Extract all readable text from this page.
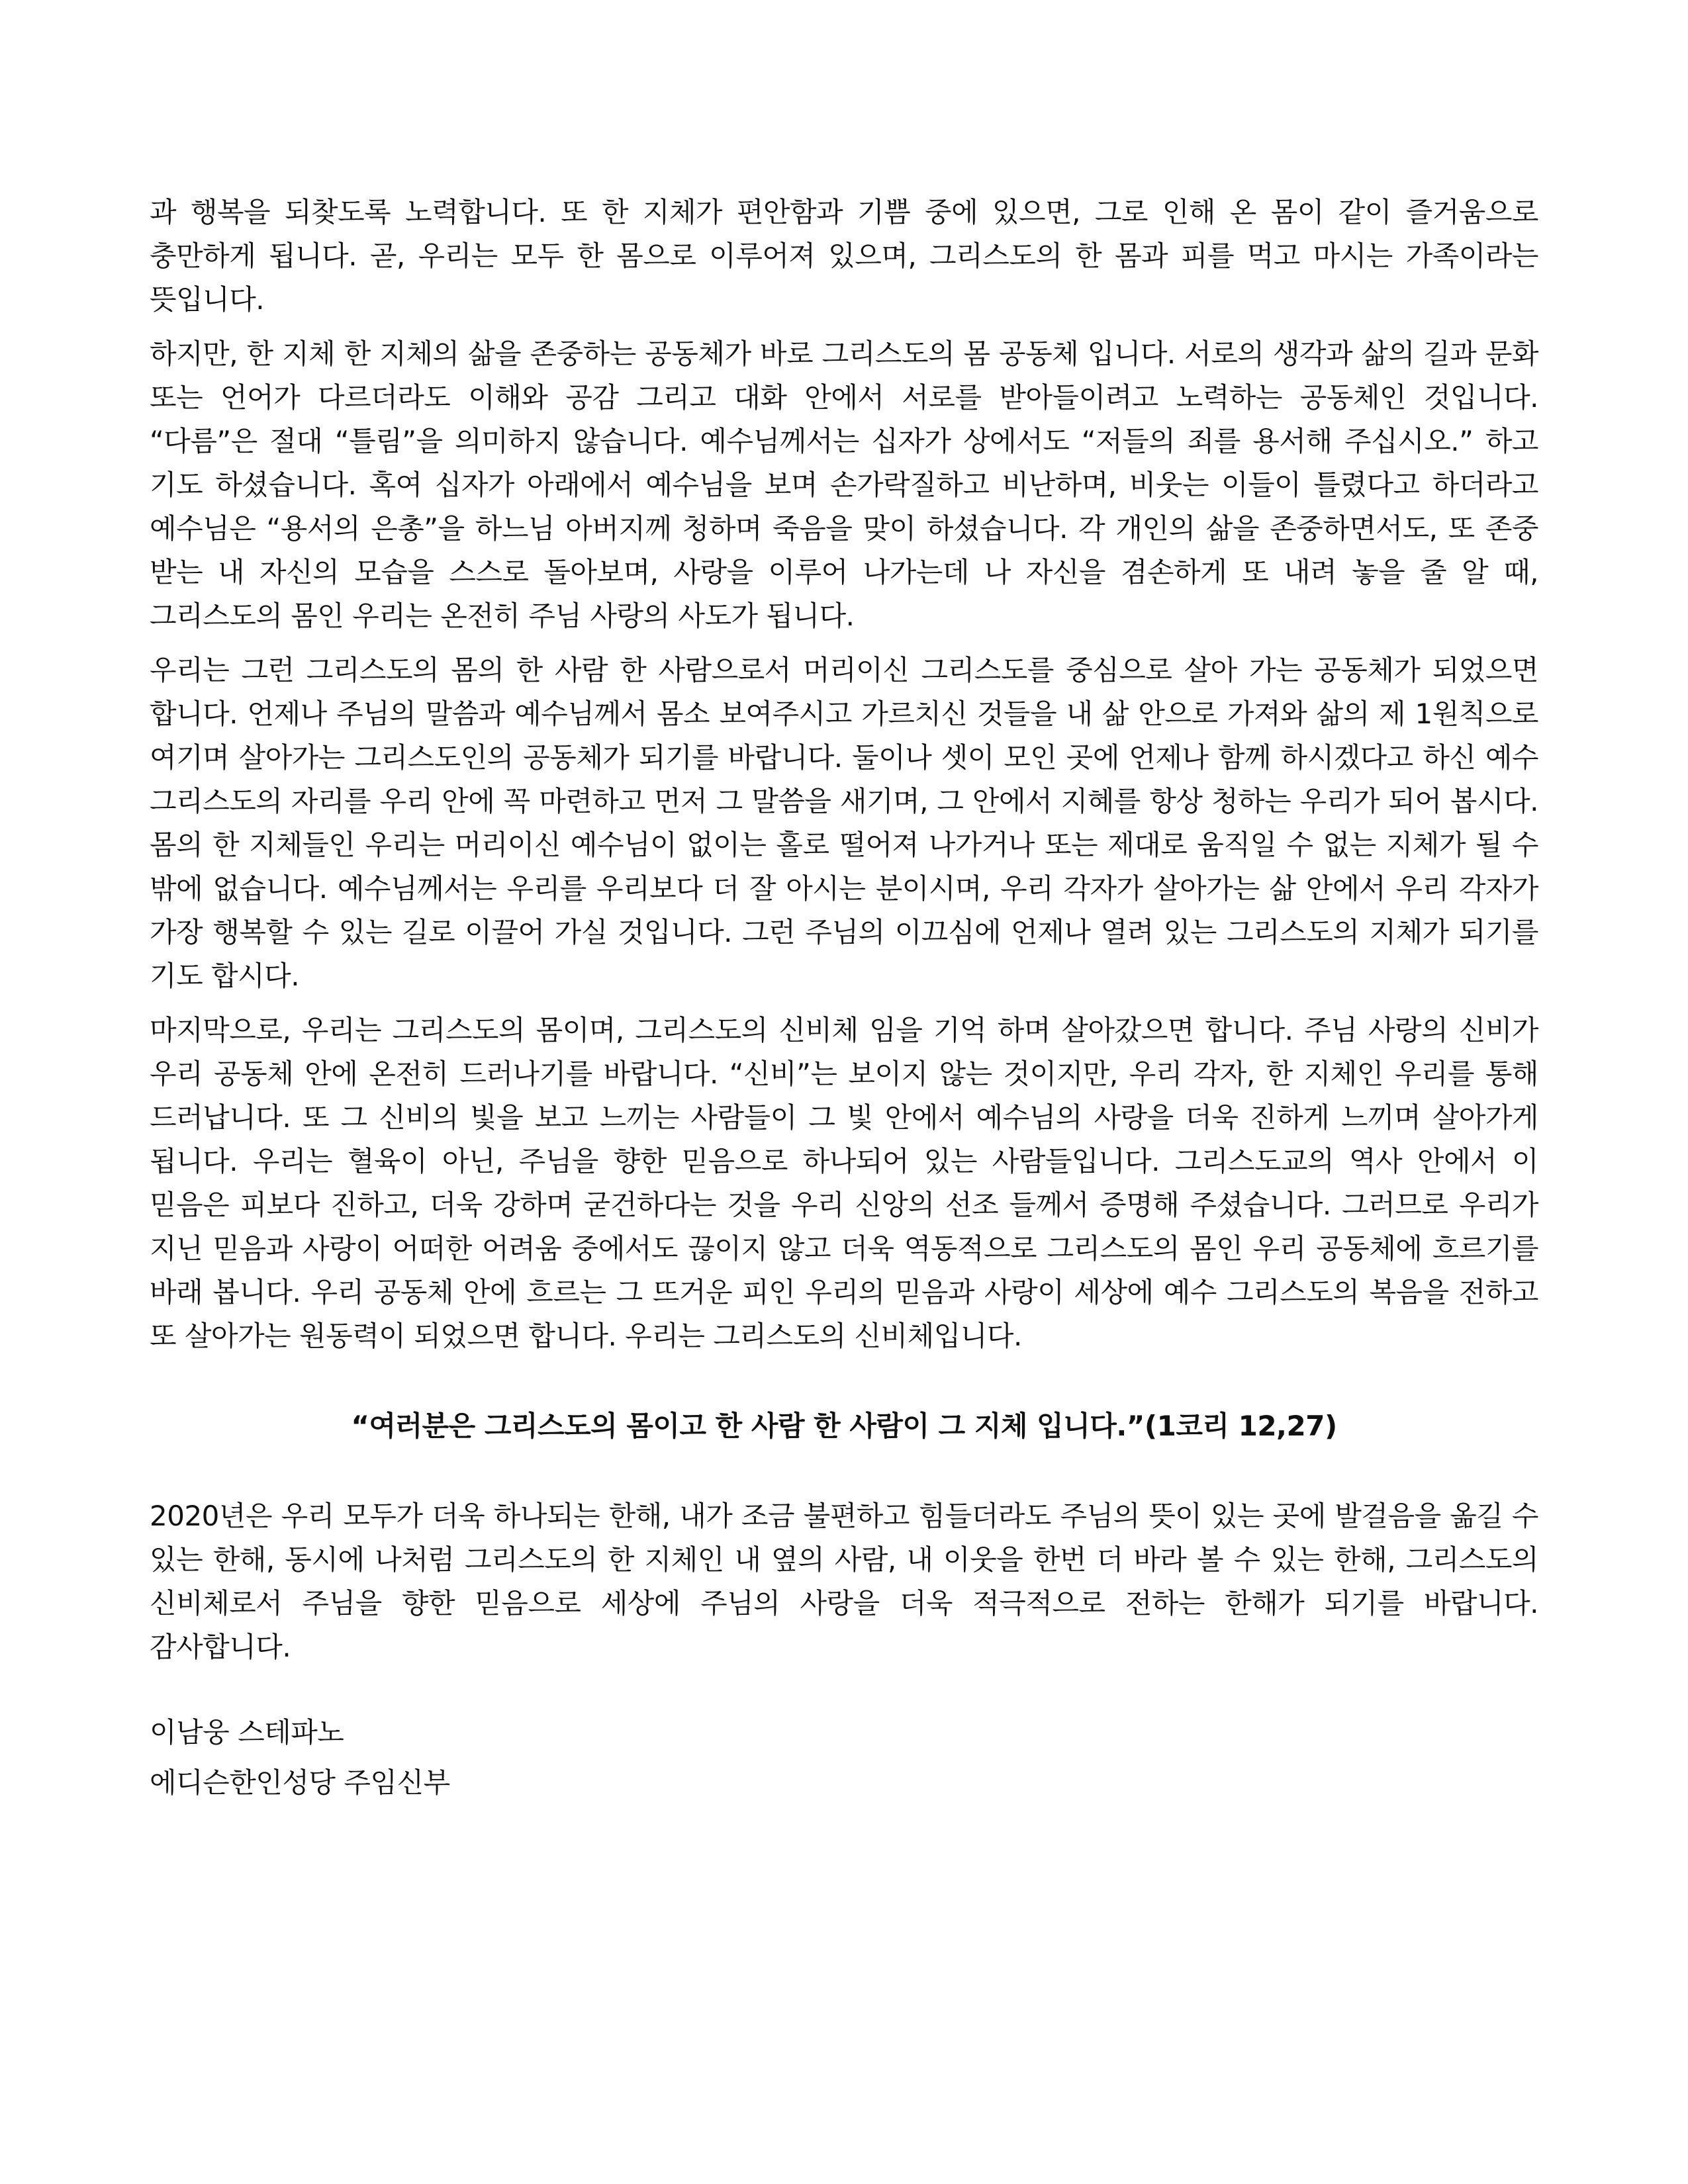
과 행복을 되찾도록 노력합니다. 또 한 지체가 편안함과 기쁨 중에 있으면, 그로 인해 온 몸이 같이 즐거움으로 충만하게 됩니다. 곧, 우리는 모두 한 몸으로 이루어져 있으며, 그리스도의 한 몸과 피를 먹고 마시는 가족이라는 뜻입니다.

하지만, 한 지체 한 지체의 삶을 존중하는 공동체가 바로 그리스도의 몸 공동체 입니다. 서로의 생각과 삶의 길과 문화 또는 언어가 다르더라도 이해와 공감 그리고 대화 안에서 서로를 받아들이려고 노력하는 공동체인 것입니다. “다름”은 절대 “틀림”을 의미하지 않습니다. 예수님께서는 십자가 상에서도 “저들의 죄를 용서해 주십시오.” 하고 기도 하셨습니다. 혹여 십자가 아래에서 예수님을 보며 손가락질하고 비난하며, 비웃는 이들이 틀렸다고 하더라고 예수님은 “용서의 은총”을 하느님 아버지께 청하며 죽음을 맞이 하셨습니다. 각 개인의 삶을 존중하면서도, 또 존중 받는 내 자신의 모습을 스스로 돌아보며, 사랑을 이루어 나가는데 나 자신을 겸손하게 또 내려 놓을 줄 알 때, 그리스도의 몸인 우리는 온전히 주님 사랑의 사도가 됩니다.

우리는 그런 그리스도의 몸의 한 사람 한 사람으로서 머리이신 그리스도를 중심으로 살아 가는 공동체가 되었으면 합니다. 언제나 주님의 말씀과 예수님께서 몸소 보여주시고 가르치신 것들을 내 삶 안으로 가져와 삶의 제 1원칙으로 여기며 살아가는 그리스도인의 공동체가 되기를 바랍니다. 둘이나 셋이 모인 곳에 언제나 함께 하시겠다고 하신 예수 그리스도의 자리를 우리 안에 꼭 마련하고 먼저 그 말씀을 새기며, 그 안에서 지혜를 항상 청하는 우리가 되어 봅시다. 몸의 한 지체들인 우리는 머리이신 예수님이 없이는 홀로 떨어져 나가거나 또는 제대로 움직일 수 없는 지체가 될 수 밖에 없습니다. 예수님께서는 우리를 우리보다 더 잘 아시는 분이시며, 우리 각자가 살아가는 삶 안에서 우리 각자가 가장 행복할 수 있는 길로 이끌어 가실 것입니다. 그런 주님의 이끄심에 언제나 열려 있는 그리스도의 지체가 되기를 기도 합시다.

마지막으로, 우리는 그리스도의 몸이며, 그리스도의 신비체 임을 기억 하며 살아갔으면 합니다. 주님 사랑의 신비가 우리 공동체 안에 온전히 드러나기를 바랍니다. “신비”는 보이지 않는 것이지만, 우리 각자, 한 지체인 우리를 통해 드러납니다. 또 그 신비의 빛을 보고 느끼는 사람들이 그 빛 안에서 예수님의 사랑을 더욱 진하게 느끼며 살아가게 됩니다. 우리는 혈육이 아닌, 주님을 향한 믿음으로 하나되어 있는 사람들입니다. 그리스도교의 역사 안에서 이 믿음은 피보다 진하고, 더욱 강하며 굳건하다는 것을 우리 신앙의 선조 들께서 증명해 주셨습니다. 그러므로 우리가 지닌 믿음과 사랑이 어떠한 어려움 중에서도 끊이지 않고 더욱 역동적으로 그리스도의 몸인 우리 공동체에 흐르기를 바래 봅니다. 우리 공동체 안에 흐르는 그 뜨거운 피인 우리의 믿음과 사랑이 세상에 예수 그리스도의 복음을 전하고 또 살아가는 원동력이 되었으면 합니다. 우리는 그리스도의 신비체입니다.

“여러분은 그리스도의 몸이고 한 사람 한 사람이 그 지체 입니다.”(1코리 12,27)

2020년은 우리 모두가 더욱 하나되는 한해, 내가 조금 불편하고 힘들더라도 주님의 뜻이 있는 곳에 발걸음을 옮길 수 있는 한해, 동시에 나처럼 그리스도의 한 지체인 내 옆의 사람, 내 이웃을 한번 더 바라 볼 수 있는 한해, 그리스도의 신비체로서 주님을 향한 믿음으로 세상에 주님의 사랑을 더욱 적극적으로 전하는 한해가 되기를 바랍니다. 감사합니다.

이남웅 스테파노
에디슨한인성당 주임신부
